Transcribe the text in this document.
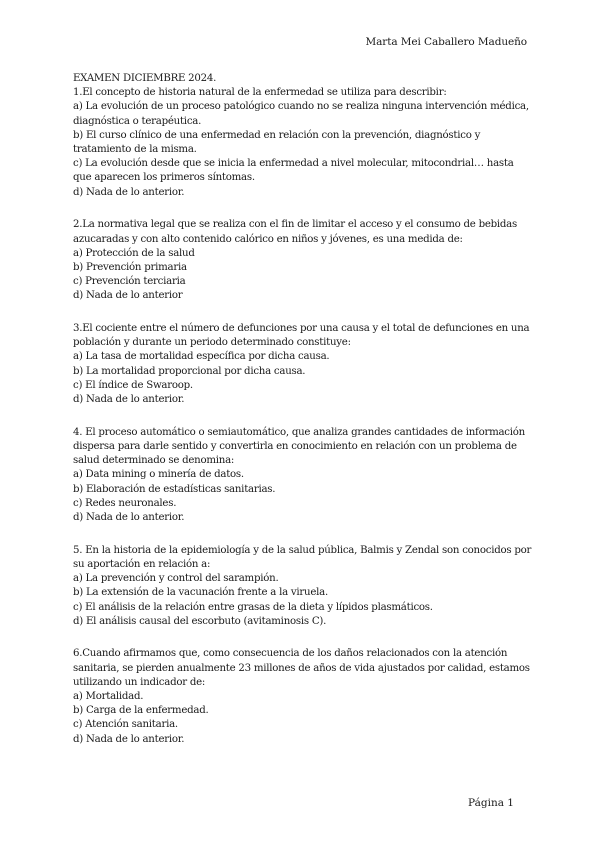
Marta Mei Caballero Madueño

EXAMEN DICIEMBRE 2024.

1.El concepto de historia natural de la enfermedad se utiliza para describir:

a) La evolución de un proceso patológico cuando no se realiza ninguna intervención médica, diagnóstica o terapéutica.

b) El curso clínico de una enfermedad en relación con la prevención, diagnóstico y tratamiento de la misma.

c) La evolución desde que se inicia la enfermedad a nivel molecular, mitocondrial… hasta que aparecen los primeros síntomas.

d) Nada de lo anterior.

2.La normativa legal que se realiza con el fin de limitar el acceso y el consumo de bebidas azucaradas y con alto contenido calórico en niños y jóvenes, es una medida de:

a) Protección de la salud

b) Prevención primaria

c) Prevención terciaria

d) Nada de lo anterior

3.El cociente entre el número de defunciones por una causa y el total de defunciones en una población y durante un periodo determinado constituye:

a) La tasa de mortalidad específica por dicha causa.

b) La mortalidad proporcional por dicha causa.

c) El índice de Swaroop.

d) Nada de lo anterior.

4. El proceso automático o semiautomático, que analiza grandes cantidades de información dispersa para darle sentido y convertirla en conocimiento en relación con un problema de salud determinado se denomina:

a) Data mining o minería de datos.

b) Elaboración de estadísticas sanitarias.

c) Redes neuronales.

d) Nada de lo anterior.

5. En la historia de la epidemiología y de la salud pública, Balmis y Zendal son conocidos por su aportación en relación a:

a) La prevención y control del sarampión.

b) La extensión de la vacunación frente a la viruela.

c) El análisis de la relación entre grasas de la dieta y lípidos plasmáticos.

d) El análisis causal del escorbuto (avitaminosis C).

6.Cuando afirmamos que, como consecuencia de los daños relacionados con la atención sanitaria, se pierden anualmente 23 millones de años de vida ajustados por calidad, estamos utilizando un indicador de:

a) Mortalidad.

b) Carga de la enfermedad.

c) Atención sanitaria.

d) Nada de lo anterior.

Página 1
